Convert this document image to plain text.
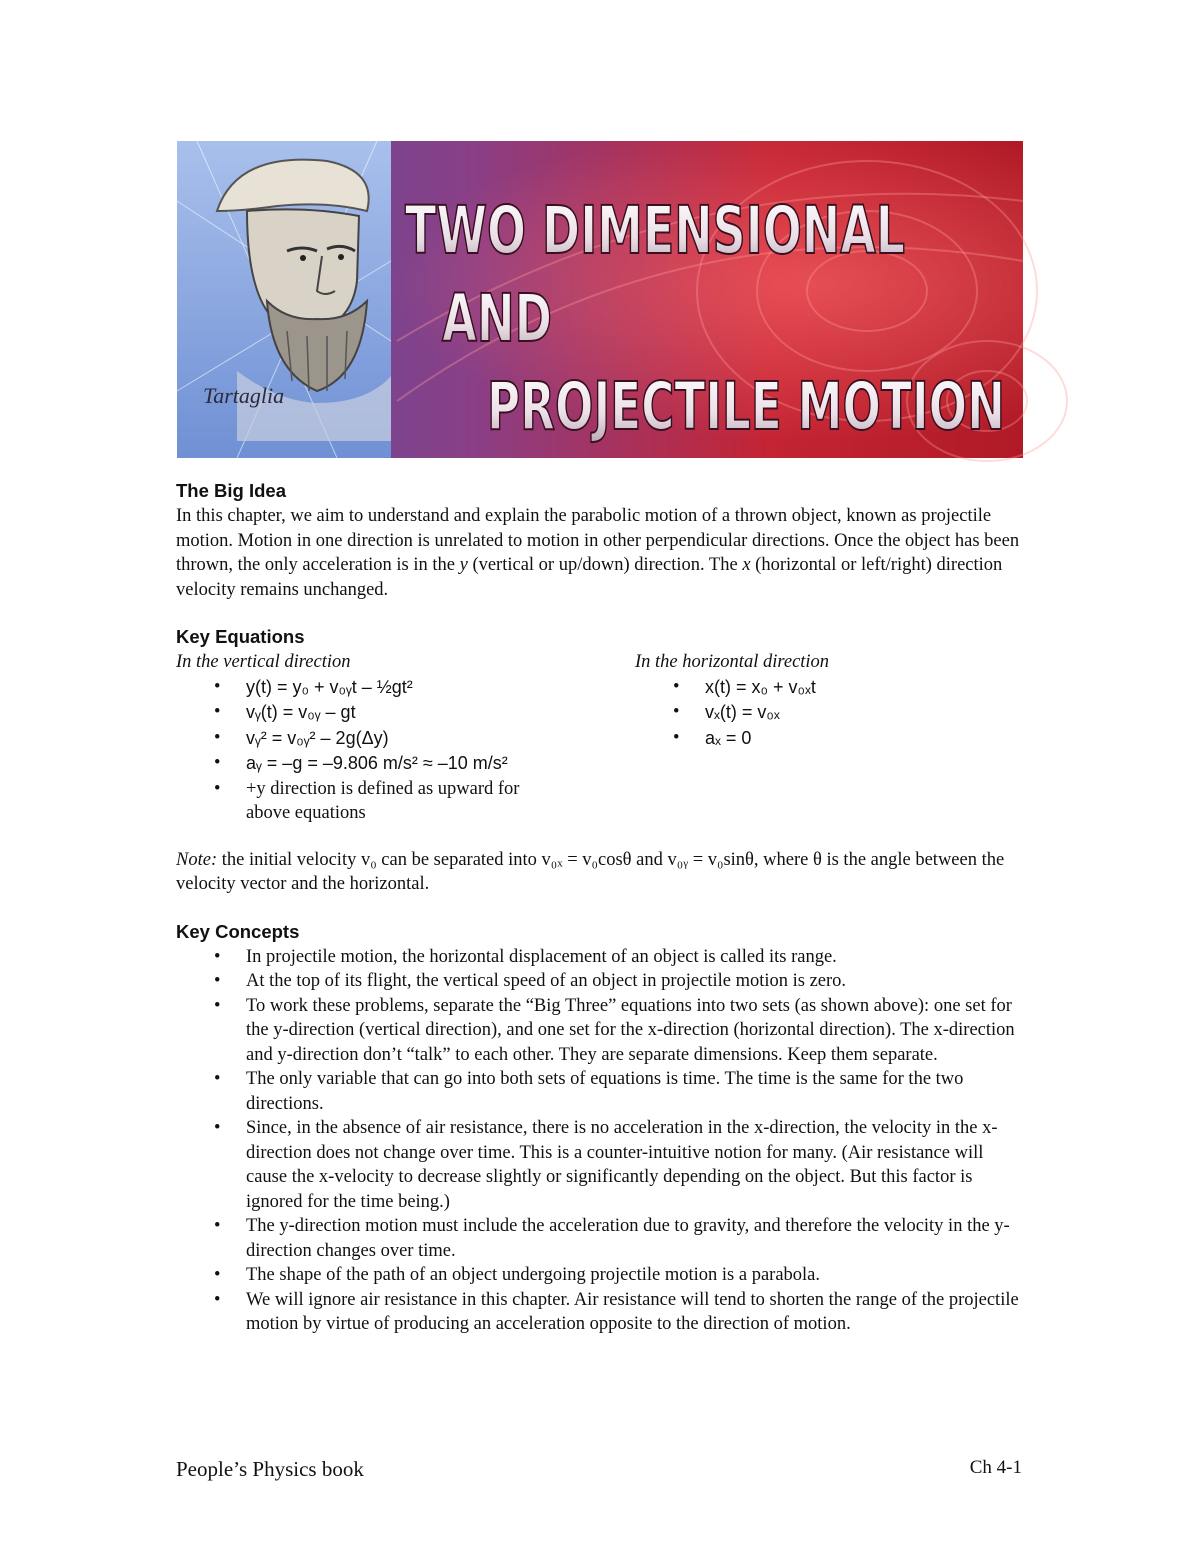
Tartaglia
TWO DIMENSIONAL
AND
PROJECTILE MOTION
The Big Idea

In this chapter, we aim to understand and explain the parabolic motion of a thrown object, known as projectile motion. Motion in one direction is unrelated to motion in other perpendicular directions. Once the object has been thrown, the only acceleration is in the y (vertical or up/down) direction. The x (horizontal or left/right) direction velocity remains unchanged.

Key Equations
In the vertical direction
• y(t) = y₀ + v₀ᵧt – ½gt²
• vᵧ(t) = v₀ᵧ – gt
• vᵧ² = v₀ᵧ² – 2g(Δy)
• aᵧ = –g = –9.806 m/s² ≈ –10 m/s²
• +y direction is defined as upward for above equations
In the horizontal direction
• x(t) = x₀ + v₀ₓt
• vₓ(t) = v₀ₓ
• aₓ = 0

Note: the initial velocity v₀ can be separated into v₀ₓ = v₀cosθ and v₀ᵧ = v₀sinθ, where θ is the angle between the velocity vector and the horizontal.

Key Concepts
• In projectile motion, the horizontal displacement of an object is called its range.
• At the top of its flight, the vertical speed of an object in projectile motion is zero.
• To work these problems, separate the “Big Three” equations into two sets (as shown above): one set for the y-direction (vertical direction), and one set for the x-direction (horizontal direction). The x-direction and y-direction don’t “talk” to each other. They are separate dimensions. Keep them separate.
• The only variable that can go into both sets of equations is time. The time is the same for the two directions.
• Since, in the absence of air resistance, there is no acceleration in the x-direction, the velocity in the x-direction does not change over time. This is a counter-intuitive notion for many. (Air resistance will cause the x-velocity to decrease slightly or significantly depending on the object. But this factor is ignored for the time being.)
• The y-direction motion must include the acceleration due to gravity, and therefore the velocity in the y-direction changes over time.
• The shape of the path of an object undergoing projectile motion is a parabola.
• We will ignore air resistance in this chapter. Air resistance will tend to shorten the range of the projectile motion by virtue of producing an acceleration opposite to the direction of motion.
People’s Physics book	Ch 4-1
